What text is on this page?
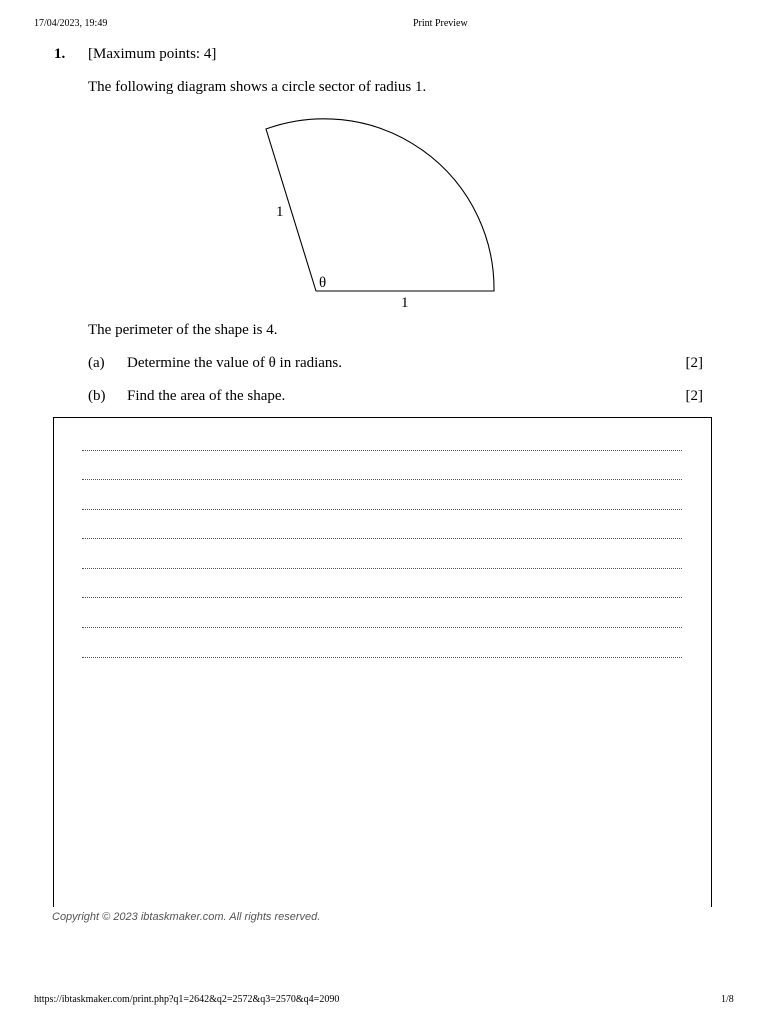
17/04/2023, 19:49	Print Preview
1. [Maximum points: 4]
The following diagram shows a circle sector of radius 1.
1
θ
1
The perimeter of the shape is 4.
(a) Determine the value of θ in radians.	[2]
(b) Find the area of the shape.	[2]
Copyright © 2023 ibtaskmaker.com. All rights reserved.
https://ibtaskmaker.com/print.php?q1=2642&q2=2572&q3=2570&q4=2090	1/8
